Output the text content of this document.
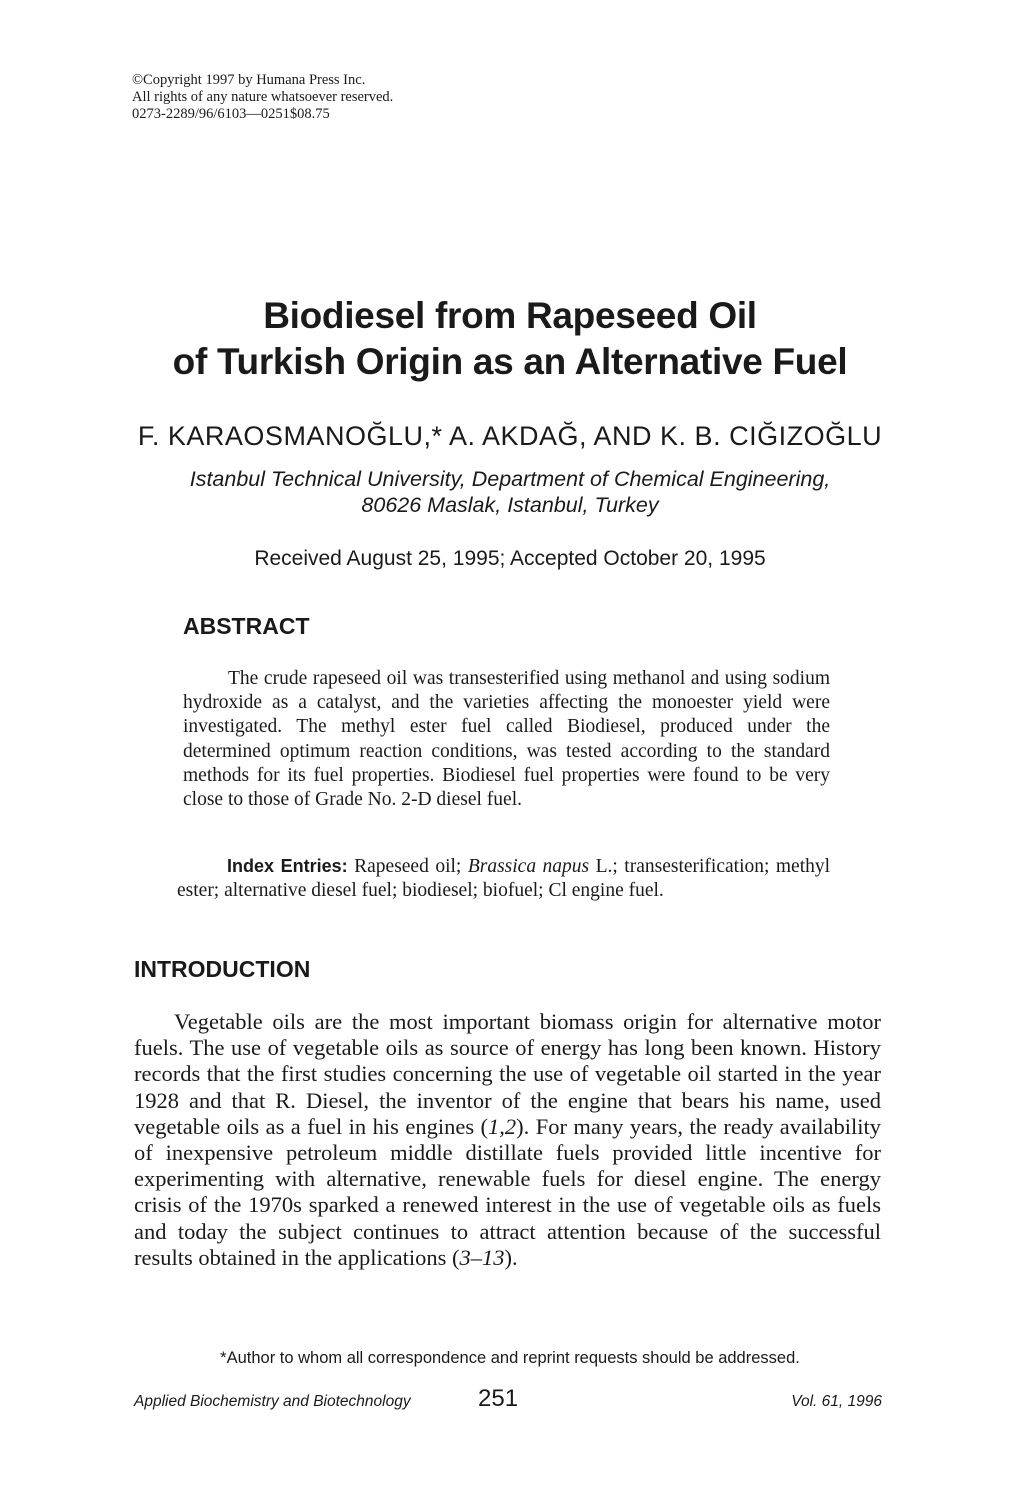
©Copyright 1997 by Humana Press Inc.
All rights of any nature whatsoever reserved.
0273-2289/96/6103—0251$08.75
Biodiesel from Rapeseed Oil
of Turkish Origin as an Alternative Fuel
F. KARAOSMANOĞLU,* A. AKDAĞ, AND K. B. CIĞIZOĞLU
Istanbul Technical University, Department of Chemical Engineering,
80626 Maslak, Istanbul, Turkey
Received August 25, 1995; Accepted October 20, 1995
ABSTRACT
The crude rapeseed oil was transesterified using methanol and using sodium hydroxide as a catalyst, and the varieties affecting the monoester yield were investigated. The methyl ester fuel called Biodiesel, produced under the determined optimum reaction conditions, was tested according to the standard methods for its fuel properties. Biodiesel fuel properties were found to be very close to those of Grade No. 2-D diesel fuel.
Index Entries: Rapeseed oil; Brassica napus L.; transesterification; methyl ester; alternative diesel fuel; biodiesel; biofuel; Cl engine fuel.
INTRODUCTION
Vegetable oils are the most important biomass origin for alternative motor fuels. The use of vegetable oils as source of energy has long been known. History records that the first studies concerning the use of vegetable oil started in the year 1928 and that R. Diesel, the inventor of the engine that bears his name, used vegetable oils as a fuel in his engines (1,2). For many years, the ready availability of inexpensive petroleum middle distillate fuels provided little incentive for experimenting with alternative, renewable fuels for diesel engine. The energy crisis of the 1970s sparked a renewed interest in the use of vegetable oils as fuels and today the subject continues to attract attention because of the successful results obtained in the applications (3–13).
*Author to whom all correspondence and reprint requests should be addressed.
Applied Biochemistry and Biotechnology	251	Vol. 61, 1996
